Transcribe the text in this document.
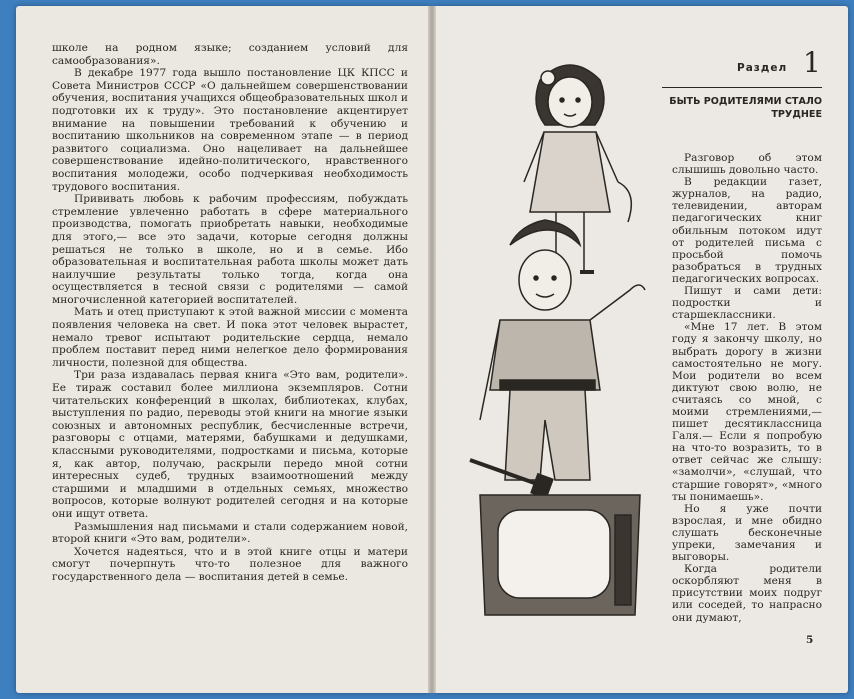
школе на родном языке; созданием условий для самообразования».

В декабре 1977 года вышло постановление ЦК КПСС и Совета Министров СССР «О дальнейшем совершенствовании обучения, воспитания учащихся общеобразовательных школ и подготовки их к труду». Это постановление акцентирует внимание на повышении требований к обучению и воспитанию школьников на современном этапе — в период развитого социализма. Оно нацеливает на дальнейшее совершенствование идейно-политического, нравственного воспитания молодежи, особо подчеркивая необходимость трудового воспитания.

Прививать любовь к рабочим профессиям, побуждать стремление увлеченно работать в сфере материального производства, помогать приобретать навыки, необходимые для этого,— все это задачи, которые сегодня должны решаться не только в школе, но и в семье. Ибо образовательная и воспитательная работа школы может дать наилучшие результаты только тогда, когда она осуществляется в тесной связи с родителями — самой многочисленной категорией воспитателей.

Мать и отец приступают к этой важной миссии с момента появления человека на свет. И пока этот человек вырастет, немало тревог испытают родительские сердца, немало проблем поставит перед ними нелегкое дело формирования личности, полезной для общества.

Три раза издавалась первая книга «Это вам, родители». Ее тираж составил более миллиона экземпляров. Сотни читательских конференций в школах, библиотеках, клубах, выступления по радио, переводы этой книги на многие языки союзных и автономных республик, бесчисленные встречи, разговоры с отцами, матерями, бабушками и дедушками, классными руководителями, подростками и письма, которые я, как автор, получаю, раскрыли передо мной сотни интересных судеб, трудных взаимоотношений между старшими и младшими в отдельных семьях, множество вопросов, которые волнуют родителей сегодня и на которые они ищут ответа.

Размышления над письмами и стали содержанием новой, второй книги «Это вам, родители».

Хочется надеяться, что и в этой книге отцы и матери смогут почерпнуть что-то полезное для важного государственного дела — воспитания детей в семье.

Раздел 1
БЫТЬ РОДИТЕЛЯМИ СТАЛО ТРУДНЕЕ

Разговор об этом слышишь довольно часто.

В редакции газет, журналов, на радио, телевидении, авторам педагогических книг обильным потоком идут от родителей письма с просьбой помочь разобраться в трудных педагогических вопросах.

Пишут и сами дети: подростки и старшеклассники.

«Мне 17 лет. В этом году я закончу школу, но выбрать дорогу в жизни самостоятельно не могу. Мои родители во всем диктуют свою волю, не считаясь со мной, с моими стремлениями,— пишет десятиклассница Галя.— Если я попробую на что-то возразить, то в ответ сейчас же слышу: «замолчи», «слушай, что старшие говорят», «много ты понимаешь».

Но я уже почти взрослая, и мне обидно слушать бесконечные упреки, замечания и выговоры.

Когда родители оскорбляют меня в присутствии моих подруг или соседей, то напрасно они думают,

5
